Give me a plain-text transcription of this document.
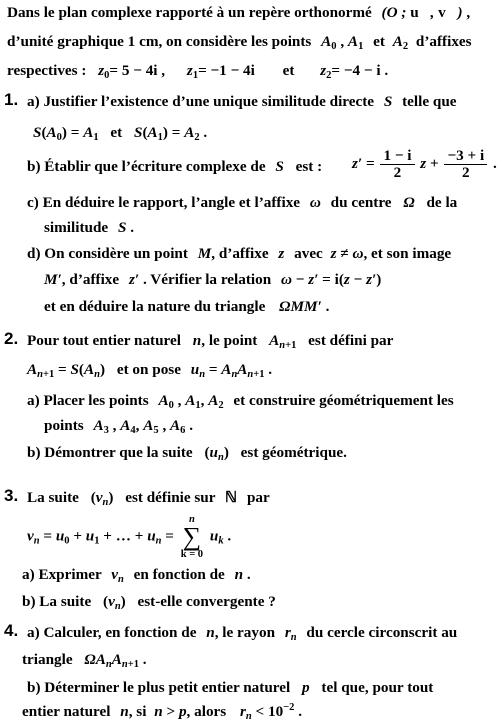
Dans le plan complexe rapporté à un repère orthonormé (O ; u⃗, v⃗) ,
d’unité graphique 1 cm, on considère les points $A_0$ , $A_1$ et $A_2$ d’affixes
respectives : $z_0= 5 - 4i$ , $z_1= -1 - 4i$ et $z_2= -4 - i$ .
1. a) Justifier l’existence d’une unique similitude directe S telle que
$S(A_0) = A_1$ et $S(A_1) = A_2$ .
b) Établir que l’écriture complexe de S est : $z' = \frac{1 - i}{2}$ $z + \frac{-3 + i}{2}$ .
c) En déduire le rapport, l’angle et l’affixe ω du centre Ω de la
similitude S .
d) On considère un point M, d’affixe z avec z ≠ ω, et son image
M′, d’affixe z′ . Vérifier la relation ω − z′ = i(z − z′)
et en déduire la nature du triangle ΩMM′ .
2. Pour tout entier naturel n, le point $A_{n+1}$ est défini par
$A_{n+1} = S(A_n)$ et on pose $u_n = A_nA_{n+1}$ .
a) Placer les points $A_0$ , $A_1$, $A_2$ et construire géométriquement les
points $A_3$ , $A_4$, $A_5$ , $A_6$ .
b) Démontrer que la suite $(u_n)$ est géométrique.
3. La suite $(v_n)$ est définie sur ℕ par
$v_n = u_0 + u_1$ + … + $u_n$ =
n
∑
k = 0
$u_k$ .
a) Exprimer $v_n$ en fonction de n .
b) La suite $(v_n)$ est-elle convergente ?
4. a) Calculer, en fonction de n, le rayon $r_n$ du cercle circonscrit au
triangle $\Omega A_nA_{n+1}$ .
b) Déterminer le plus petit entier naturel p tel que, pour tout
entier naturel n, si n > p, alors $r_n < 10^{-2}$ .
